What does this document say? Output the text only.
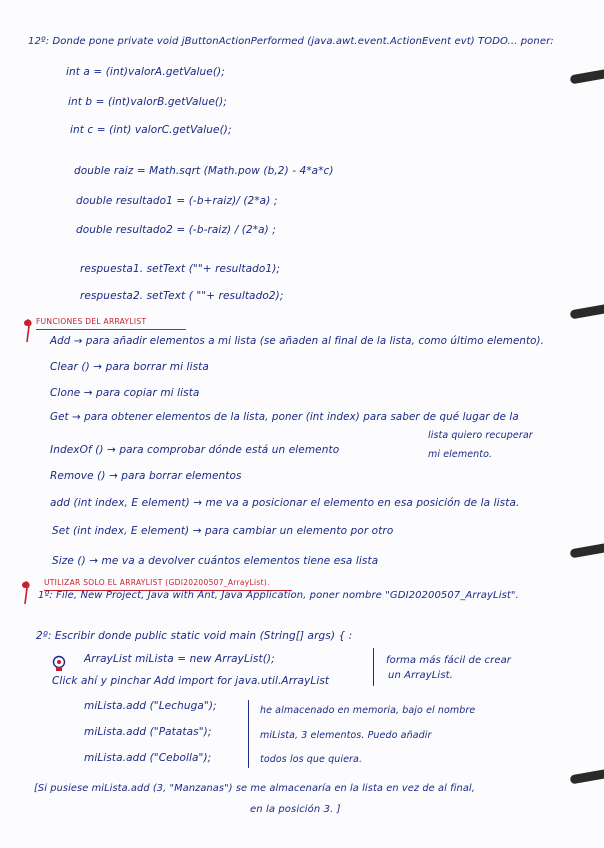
12º: Donde pone private void jButtonActionPerformed (java.awt.event.ActionEvent evt) TODO... poner:
int a = (int)valorA.getValue();
int b = (int)valorB.getValue();
int c = (int) valorC.getValue();
double raiz = Math.sqrt (Math.pow (b,2) - 4*a*c)
double resultado1 = (-b+raiz)/ (2*a) ;
double resultado2 = (-b-raiz) / (2*a) ;
respuesta1. setText (""+ resultado1);
respuesta2. setText ( ""+ resultado2);
FUNCIONES DEL ARRAYLIST
Add → para añadir elementos a mi lista (se añaden al final de la lista, como último elemento).
Clear () → para borrar mi lista
Clone → para copiar mi lista
Get → para obtener elementos de la lista, poner (int index) para saber de qué lugar de la
lista quiero recuperar
IndexOf () → para comprobar dónde está un elemento	mi elemento.
Remove () → para borrar elementos
add (int index, E element) → me va a posicionar el elemento en esa posición de la lista.
Set (int index, E element) → para cambiar un elemento por otro
Size () → me va a devolver cuántos elementos tiene esa lista
UTILIZAR SOLO EL ARRAYLIST (GDI20200507_ArrayList).
1º: File, New Project, Java with Ant, Java Application, poner nombre "GDI20200507_ArrayList".
2º: Escribir donde public static void main (String[] args) { :
ArrayList miLista = new ArrayList();	forma más fácil de crear
un ArrayList.
Click ahí y pinchar Add import for java.util.ArrayList
miLista.add ("Lechuga");
miLista.add ("Patatas");
miLista.add ("Cebolla");
he almacenado en memoria, bajo el nombre
miLista, 3 elementos. Puedo añadir
todos los que quiera.
[Si pusiese miLista.add (3, "Manzanas") se me almacenaría en la lista en vez de al final,
en la posición 3. ]
